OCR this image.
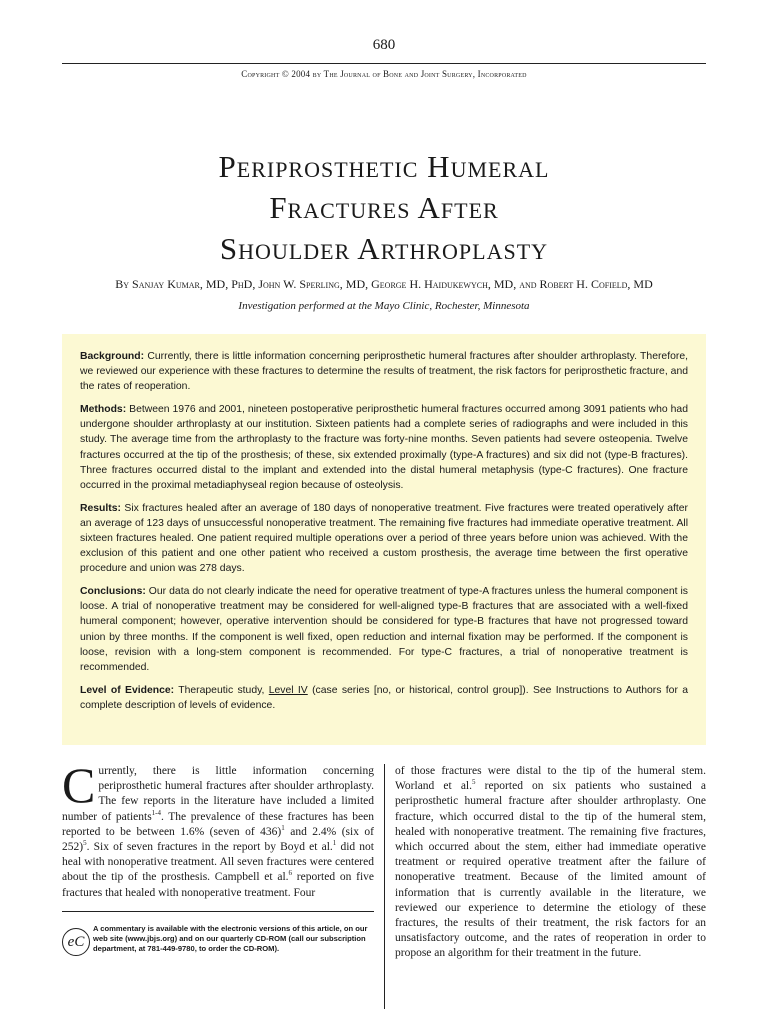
680
Copyright © 2004 by The Journal of Bone and Joint Surgery, Incorporated
Periprosthetic Humeral
Fractures After
Shoulder Arthroplasty
By Sanjay Kumar, MD, PhD, John W. Sperling, MD, George H. Haidukewych, MD, and Robert H. Cofield, MD
Investigation performed at the Mayo Clinic, Rochester, Minnesota

Background: Currently, there is little information concerning periprosthetic humeral fractures after shoulder arthroplasty. Therefore, we reviewed our experience with these fractures to determine the results of treatment, the risk factors for periprosthetic fracture, and the rates of reoperation.

Methods: Between 1976 and 2001, nineteen postoperative periprosthetic humeral fractures occurred among 3091 patients who had undergone shoulder arthroplasty at our institution. Sixteen patients had a complete series of radiographs and were included in this study. The average time from the arthroplasty to the fracture was forty-nine months. Seven patients had severe osteopenia. Twelve fractures occurred at the tip of the prosthesis; of these, six extended proximally (type-A fractures) and six did not (type-B fractures). Three fractures occurred distal to the implant and extended into the distal humeral metaphysis (type-C fractures). One fracture occurred in the proximal metadiaphyseal region because of osteolysis.

Results: Six fractures healed after an average of 180 days of nonoperative treatment. Five fractures were treated operatively after an average of 123 days of unsuccessful nonoperative treatment. The remaining five fractures had immediate operative treatment. All sixteen fractures healed. One patient required multiple operations over a period of three years before union was achieved. With the exclusion of this patient and one other patient who received a custom prosthesis, the average time between the first operative procedure and union was 278 days.

Conclusions: Our data do not clearly indicate the need for operative treatment of type-A fractures unless the humeral component is loose. A trial of nonoperative treatment may be considered for well-aligned type-B fractures that are associated with a well-fixed humeral component; however, operative intervention should be considered for type-B fractures that have not progressed toward union by three months. If the component is well fixed, open reduction and internal fixation may be performed. If the component is loose, revision with a long-stem component is recommended. For type-C fractures, a trial of nonoperative treatment is recommended.

Level of Evidence: Therapeutic study, Level IV (case series [no, or historical, control group]). See Instructions to Authors for a complete description of levels of evidence.

Currently, there is little information concerning periprosthetic humeral fractures after shoulder arthroplasty. The few reports in the literature have included a limited number of patients$^{1-4}$. The prevalence of these fractures has been reported to be between 1.6% (seven of 436)$^1$ and 2.4% (six of 252)$^5$. Six of seven fractures in the report by Boyd et al.$^1$ did not heal with nonoperative treatment. All seven fractures were centered about the tip of the prosthesis. Campbell et al.$^6$ reported on five fractures that healed with nonoperative treatment. Four
of those fractures were distal to the tip of the humeral stem. Worland et al.$^5$ reported on six patients who sustained a periprosthetic humeral fracture after shoulder arthroplasty. One fracture, which occurred distal to the tip of the humeral stem, healed with nonoperative treatment. The remaining five fractures, which occurred about the stem, either had immediate operative treatment or required operative treatment after the failure of nonoperative treatment. Because of the limited amount of information that is currently available in the literature, we reviewed our experience to determine the etiology of these fractures, the results of their treatment, the risk factors for an unsatisfactory outcome, and the rates of reoperation in order to propose an algorithm for their treatment in the future.
eC
A commentary is available with the electronic versions of this article, on our web site (www.jbjs.org) and on our quarterly CD-ROM (call our subscription department, at 781-449-9780, to order the CD-ROM).
